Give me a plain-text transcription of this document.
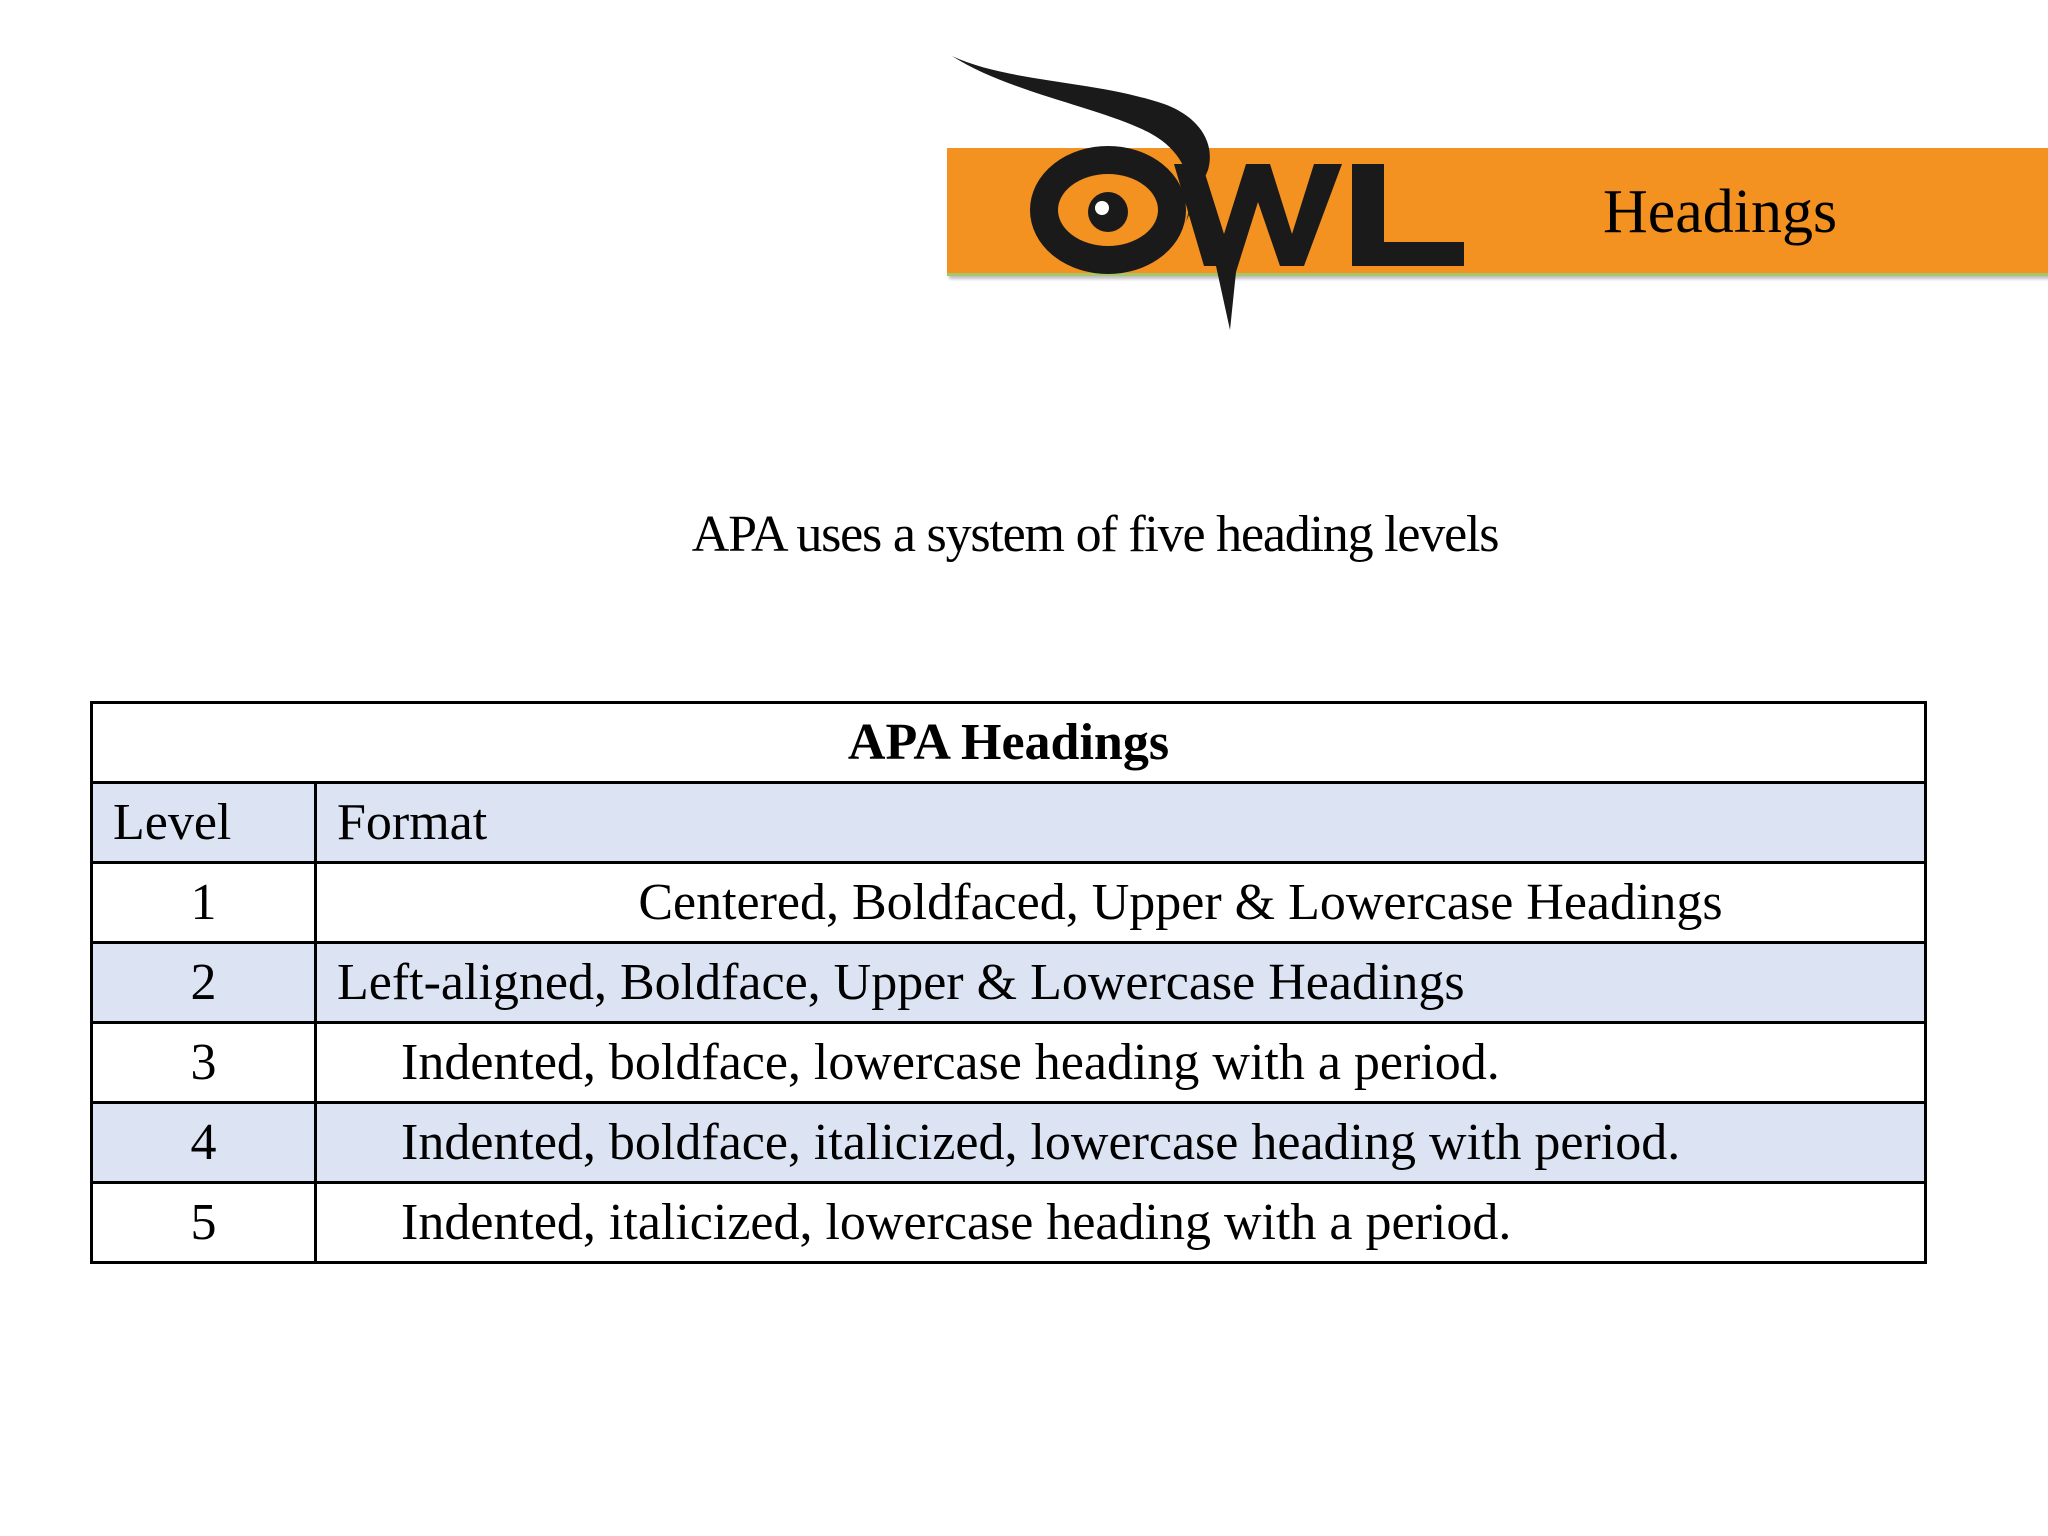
Headings
APA uses a system of five heading levels
APA Headings	
Level	Format
1	Centered, Boldfaced, Upper & Lowercase Headings
2	Left-aligned, Boldface, Upper & Lowercase Headings
3	Indented, boldface, lowercase heading with a period.
4	Indented, boldface, italicized, lowercase heading with period.
5	Indented, italicized, lowercase heading with a period.
